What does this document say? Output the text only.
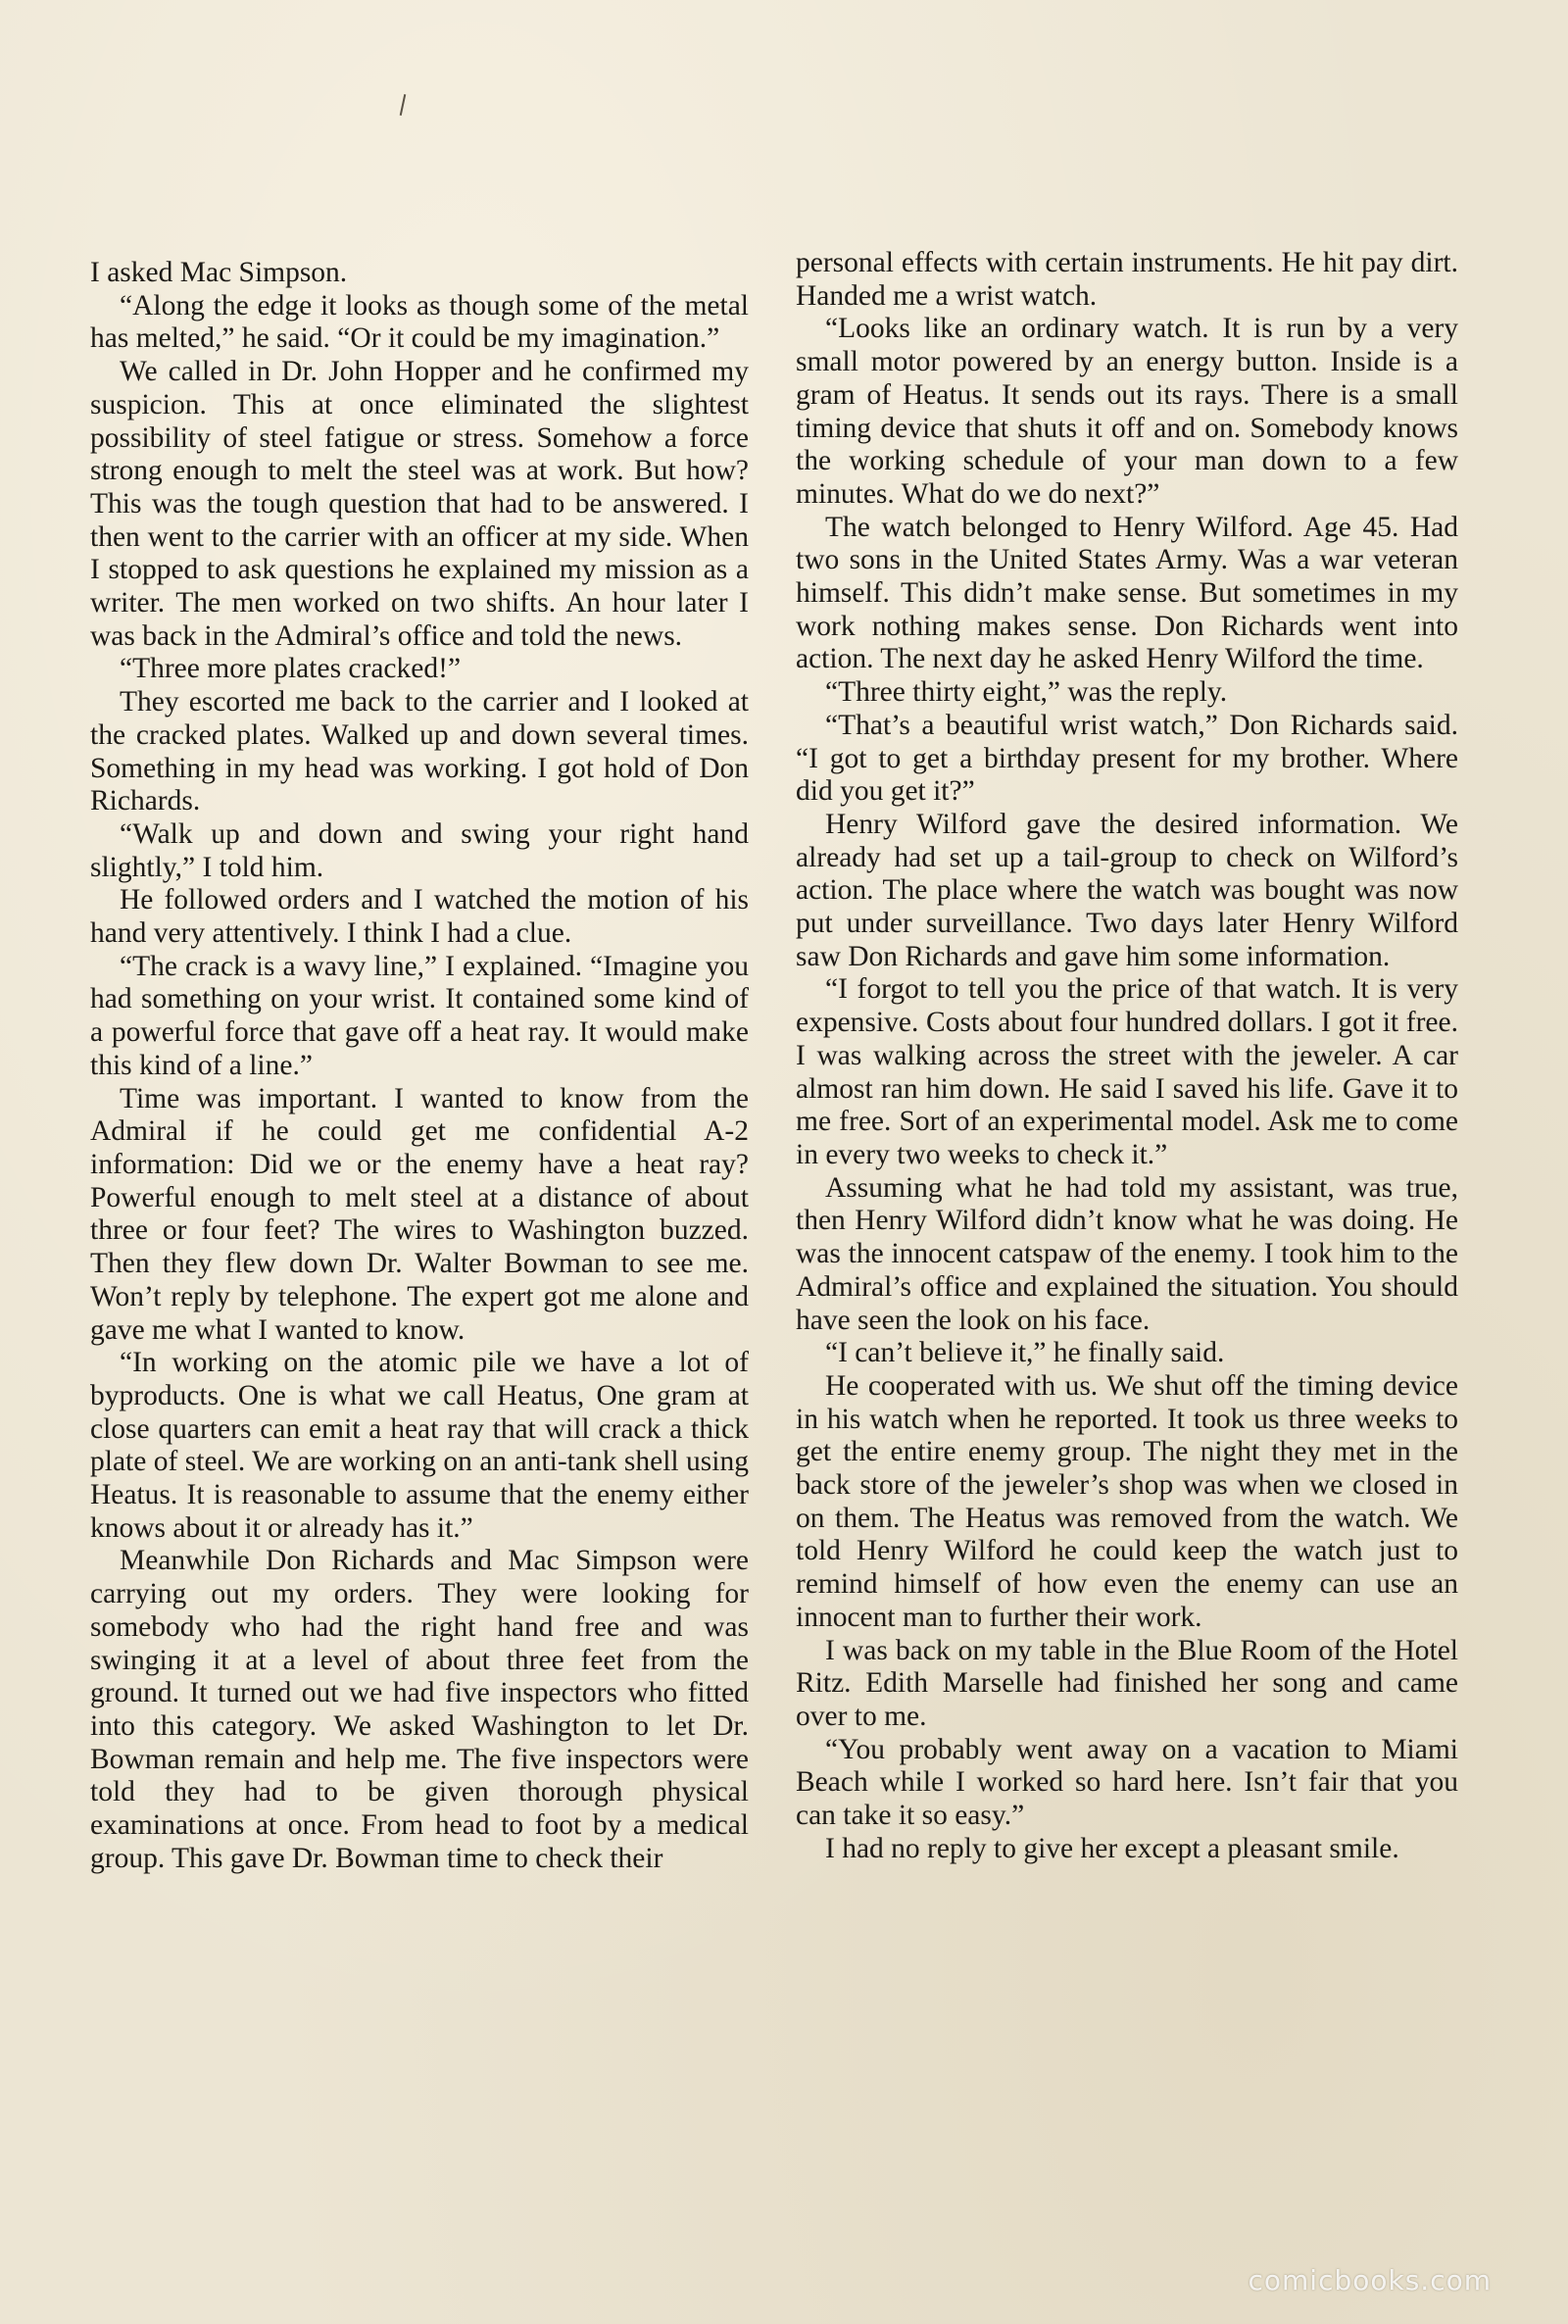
I asked Mac Simpson.

“Along the edge it looks as though some of the metal has melted,” he said. “Or it could be my imagination.”

We called in Dr. John Hopper and he confirmed my suspicion. This at once eliminated the slightest possibility of steel fatigue or stress. Somehow a force strong enough to melt the steel was at work. But how? This was the tough question that had to be answered. I then went to the carrier with an officer at my side. When I stopped to ask questions he explained my mission as a writer. The men worked on two shifts. An hour later I was back in the Admiral’s office and told the news.

“Three more plates cracked!”

They escorted me back to the carrier and I looked at the cracked plates. Walked up and down several times. Something in my head was working. I got hold of Don Richards.

“Walk up and down and swing your right hand slightly,” I told him.

He followed orders and I watched the motion of his hand very attentively. I think I had a clue.

“The crack is a wavy line,” I explained. “Imagine you had something on your wrist. It contained some kind of a powerful force that gave off a heat ray. It would make this kind of a line.”

Time was important. I wanted to know from the Admiral if he could get me confidential A-2 information: Did we or the enemy have a heat ray? Powerful enough to melt steel at a distance of about three or four feet? The wires to Washington buzzed. Then they flew down Dr. Walter Bowman to see me. Won’t reply by telephone. The expert got me alone and gave me what I wanted to know.

“In working on the atomic pile we have a lot of byproducts. One is what we call Heatus, One gram at close quarters can emit a heat ray that will crack a thick plate of steel. We are working on an anti-tank shell using Heatus. It is reasonable to assume that the enemy either knows about it or already has it.”

Meanwhile Don Richards and Mac Simpson were carrying out my orders. They were looking for somebody who had the right hand free and was swinging it at a level of about three feet from the ground. It turned out we had five inspectors who fitted into this category. We asked Washington to let Dr. Bowman remain and help me. The five inspectors were told they had to be given thorough physical examinations at once. From head to foot by a medical group. This gave Dr. Bowman time to check their

personal effects with certain instruments. He hit pay dirt. Handed me a wrist watch.

“Looks like an ordinary watch. It is run by a very small motor powered by an energy button. Inside is a gram of Heatus. It sends out its rays. There is a small timing device that shuts it off and on. Somebody knows the working schedule of your man down to a few minutes. What do we do next?”

The watch belonged to Henry Wilford. Age 45. Had two sons in the United States Army. Was a war veteran himself. This didn’t make sense. But sometimes in my work nothing makes sense. Don Richards went into action. The next day he asked Henry Wilford the time.

“Three thirty eight,” was the reply.

“That’s a beautiful wrist watch,” Don Richards said. “I got to get a birthday present for my brother. Where did you get it?”

Henry Wilford gave the desired information. We already had set up a tail-group to check on Wilford’s action. The place where the watch was bought was now put under surveillance. Two days later Henry Wilford saw Don Richards and gave him some information.

“I forgot to tell you the price of that watch. It is very expensive. Costs about four hundred dollars. I got it free. I was walking across the street with the jeweler. A car almost ran him down. He said I saved his life. Gave it to me free. Sort of an experimental model. Ask me to come in every two weeks to check it.”

Assuming what he had told my assistant, was true, then Henry Wilford didn’t know what he was doing. He was the innocent catspaw of the enemy. I took him to the Admiral’s office and explained the situation. You should have seen the look on his face.

“I can’t believe it,” he finally said.

He cooperated with us. We shut off the timing device in his watch when he reported. It took us three weeks to get the entire enemy group. The night they met in the back store of the jeweler’s shop was when we closed in on them. The Heatus was removed from the watch. We told Henry Wilford he could keep the watch just to remind himself of how even the enemy can use an innocent man to further their work.

I was back on my table in the Blue Room of the Hotel Ritz. Edith Marselle had finished her song and came over to me.

“You probably went away on a vacation to Miami Beach while I worked so hard here. Isn’t fair that you can take it so easy.”

I had no reply to give her except a pleasant smile.

comicbooks.com
